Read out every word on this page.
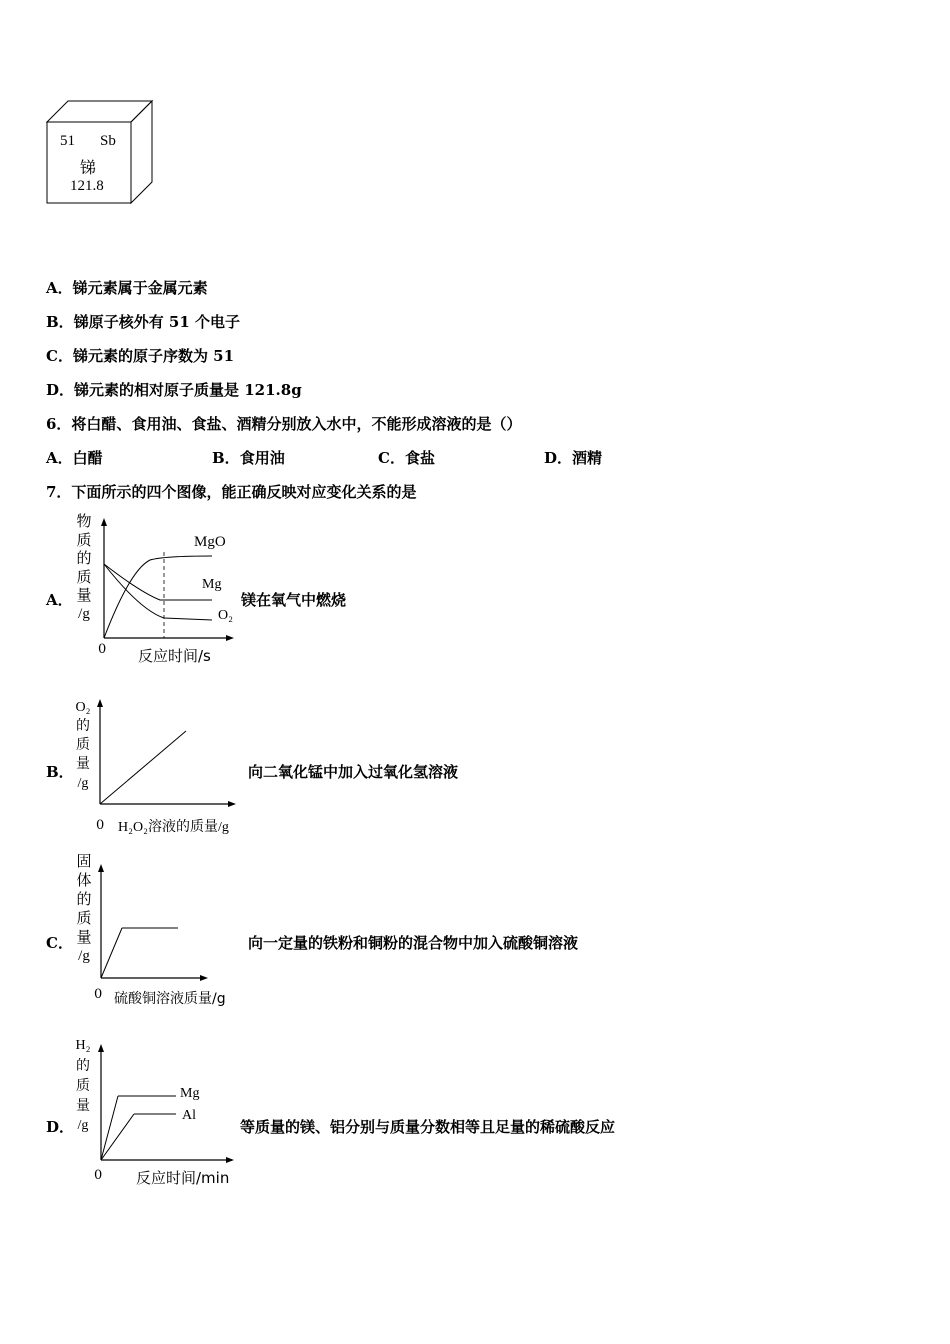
51 Sb
锑
121.8
A．锑元素属于金属元素
B．锑原子核外有 51 个电子
C．锑元素的原子序数为 51
D．锑元素的相对原子质量是 121.8g
6．将白醋、食用油、食盐、酒精分别放入水中，不能形成溶液的是（）
A．白醋	B．食用油	C．食盐	D．酒精
7．下面所示的四个图像，能正确反映对应变化关系的是
A．
物
质
的
质
量
/g
MgO
Mg
O₂
0 反应时间/s
镁在氧气中燃烧
B．
O₂
的
质
量
/g
0 H₂O₂溶液的质量/g
向二氧化锰中加入过氧化氢溶液
C．
固
体
的
质
量
/g
0 硫酸铜溶液质量/g
向一定量的铁粉和铜粉的混合物中加入硫酸铜溶液
D．
H₂
的
质
量
/g
Mg
Al
0 反应时间/min
等质量的镁、铝分别与质量分数相等且足量的稀硫酸反应
